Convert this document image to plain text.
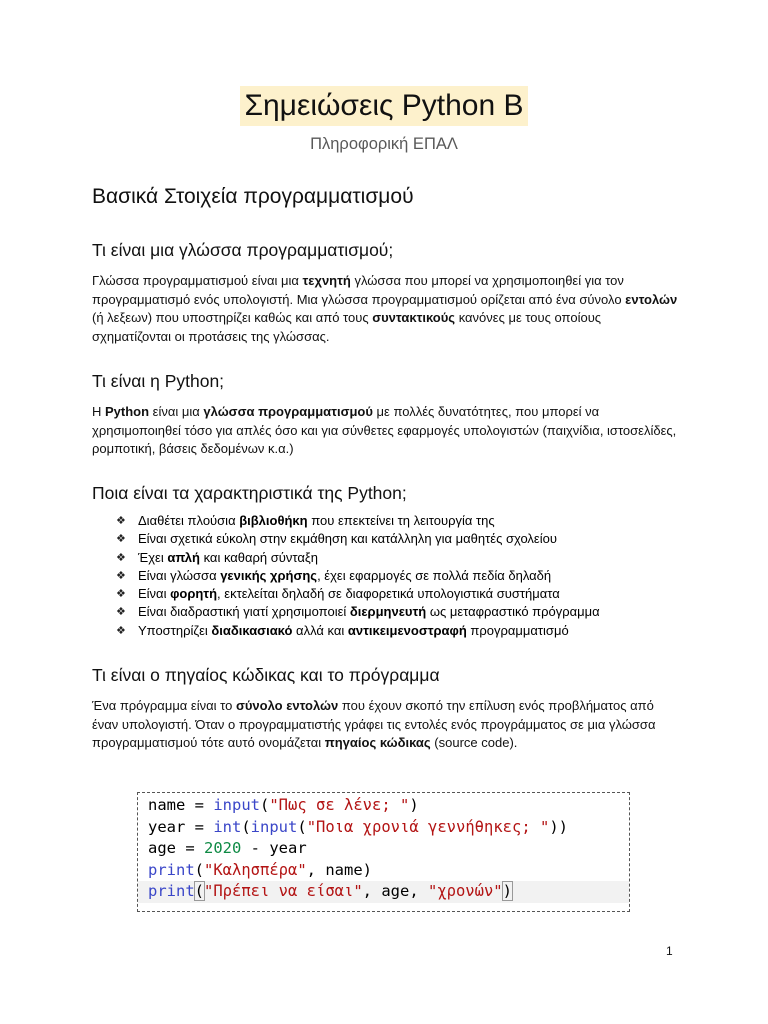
Σημειώσεις Python Β
Πληροφορική ΕΠΑΛ
Βασικά Στοιχεία προγραμματισμού
Τι είναι μια γλώσσα προγραμματισμού;

Γλώσσα προγραμματισμού είναι μια τεχνητή γλώσσα που μπορεί να χρησιμοποιηθεί για τον προγραμματισμό ενός υπολογιστή. Μια γλώσσα προγραμματισμού ορίζεται από ένα σύνολο εντολών (ή λεξεων) που υποστηρίζει καθώς και από τους συντακτικούς κανόνες με τους οποίους σχηματίζονται οι προτάσεις της γλώσσας.

Τι είναι η Python;

Η Python είναι μια γλώσσα προγραμματισμού με πολλές δυνατότητες, που μπορεί να χρησιμοποιηθεί τόσο για απλές όσο και για σύνθετες εφαρμογές υπολογιστών (παιχνίδια, ιστοσελίδες, ρομποτική, βάσεις δεδομένων κ.α.)

Ποια είναι τα χαρακτηριστικά της Python;
❖ Διαθέτει πλούσια βιβλιοθήκη που επεκτείνει τη λειτουργία της
❖ Είναι σχετικά εύκολη στην εκμάθηση και κατάλληλη για μαθητές σχολείου
❖ Έχει απλή και καθαρή σύνταξη
❖ Είναι γλώσσα γενικής χρήσης, έχει εφαρμογές σε πολλά πεδία δηλαδή
❖ Είναι φορητή, εκτελείται δηλαδή σε διαφορετικά υπολογιστικά συστήματα
❖ Είναι διαδραστική γιατί χρησιμοποιεί διερμηνευτή ως μεταφραστικό πρόγραμμα
❖ Υποστηρίζει διαδικασιακό αλλά και αντικειμενοστραφή προγραμματισμό
Τι είναι ο πηγαίος κώδικας και το πρόγραμμα

Ένα πρόγραμμα είναι το σύνολο εντολών που έχουν σκοπό την επίλυση ενός προβλήματος από έναν υπολογιστή. Όταν ο προγραμματιστής γράφει τις εντολές ενός προγράμματος σε μια γλώσσα προγραμματισμού τότε αυτό ονομάζεται πηγαίος κώδικας (source code).

name = input("Πως σε λένε; ")
year = int(input("Ποια χρονιά γεννήθηκες; "))
age = 2020 - year
print("Καλησπέρα", name)
print("Πρέπει να είσαι", age, "χρονών")
1
